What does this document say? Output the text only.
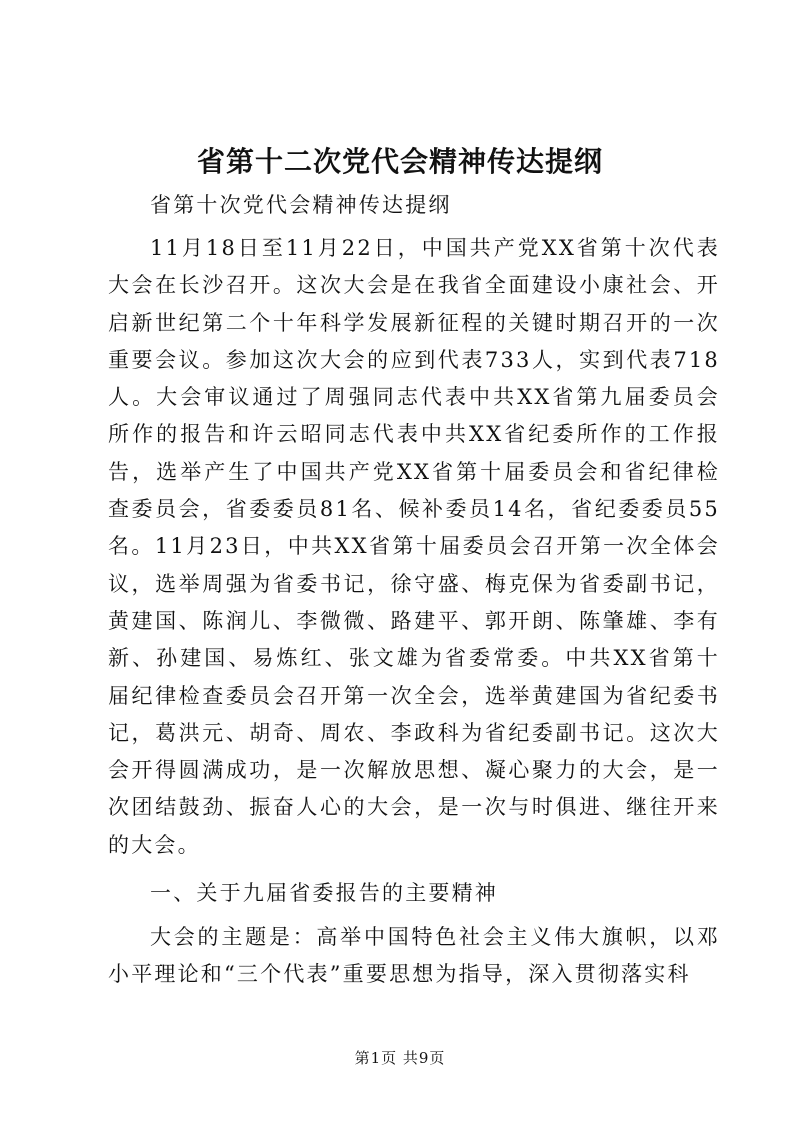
省第十二次党代会精神传达提纲

省第十次党代会精神传达提纲

11月18日至11月22日，中国共产党XX省第十次代表大会在长沙召开。这次大会是在我省全面建设小康社会、开启新世纪第二个十年科学发展新征程的关键时期召开的一次重要会议。参加这次大会的应到代表733人，实到代表718人。大会审议通过了周强同志代表中共XX省第九届委员会所作的报告和许云昭同志代表中共XX省纪委所作的工作报告，选举产生了中国共产党XX省第十届委员会和省纪律检查委员会，省委委员81名、候补委员14名，省纪委委员55名。11月23日，中共XX省第十届委员会召开第一次全体会议，选举周强为省委书记，徐守盛、梅克保为省委副书记，黄建国、陈润儿、李微微、路建平、郭开朗、陈肇雄、李有新、孙建国、易炼红、张文雄为省委常委。中共XX省第十届纪律检查委员会召开第一次全会，选举黄建国为省纪委书记，葛洪元、胡奇、周农、李政科为省纪委副书记。这次大会开得圆满成功，是一次解放思想、凝心聚力的大会，是一次团结鼓劲、振奋人心的大会，是一次与时俱进、继往开来的大会。

一、关于九届省委报告的主要精神

大会的主题是：高举中国特色社会主义伟大旗帜，以邓小平理论和“三个代表”重要思想为指导，深入贯彻落实科

第1页 共9页
